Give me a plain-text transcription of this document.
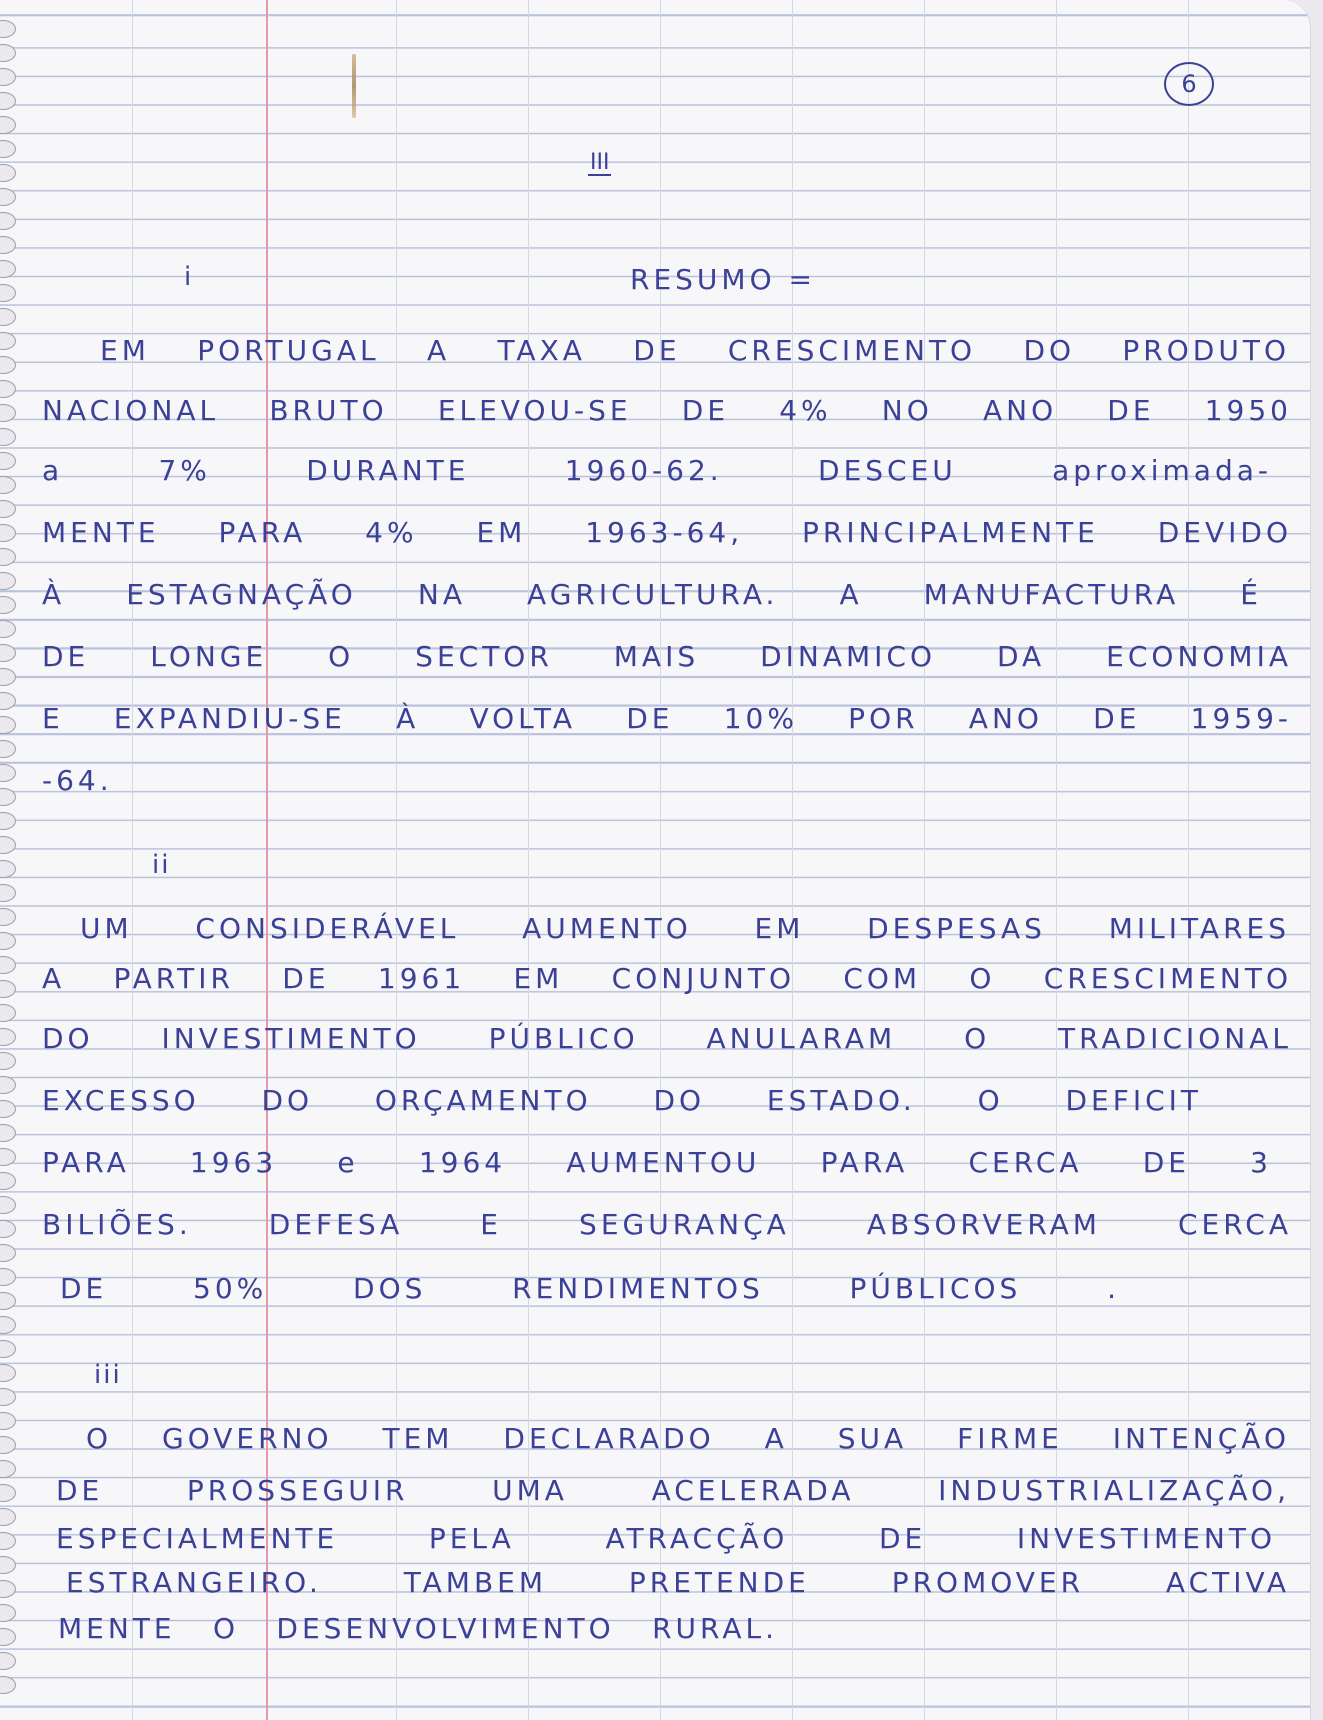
6
III
RESUMO =

i

EM PORTUGAL A TAXA DE CRESCIMENTO DO PRODUTO

NACIONAL BRUTO ELEVOU-SE DE 4% NO ANO DE 1950

a 7% DURANTE 1960-62. DESCEU aproximada-

MENTE PARA 4% EM 1963-64, PRINCIPALMENTE DEVIDO

À ESTAGNAÇÃO NA AGRICULTURA. A MANUFACTURA É

DE LONGE O SECTOR MAIS DINAMICO DA ECONOMIA

E EXPANDIU-SE À VOLTA DE 10% POR ANO DE 1959-

-64.

ii

UM CONSIDERÁVEL AUMENTO EM DESPESAS MILITARES

A PARTIR DE 1961 EM CONJUNTO COM O CRESCIMENTO

DO INVESTIMENTO PÚBLICO ANULARAM O TRADICIONAL

EXCESSO DO ORÇAMENTO DO ESTADO. O DEFICIT

PARA 1963 e 1964 AUMENTOU PARA CERCA DE 3

BILIÕES. DEFESA E SEGURANÇA ABSORVERAM CERCA

DE 50% DOS RENDIMENTOS PÚBLICOS .

iii

O GOVERNO TEM DECLARADO A SUA FIRME INTENÇÃO

DE PROSSEGUIR UMA ACELERADA INDUSTRIALIZAÇÃO,

ESPECIALMENTE PELA ATRACÇÃO DE INVESTIMENTO

ESTRANGEIRO. TAMBEM PRETENDE PROMOVER ACTIVA

MENTE O DESENVOLVIMENTO RURAL.
